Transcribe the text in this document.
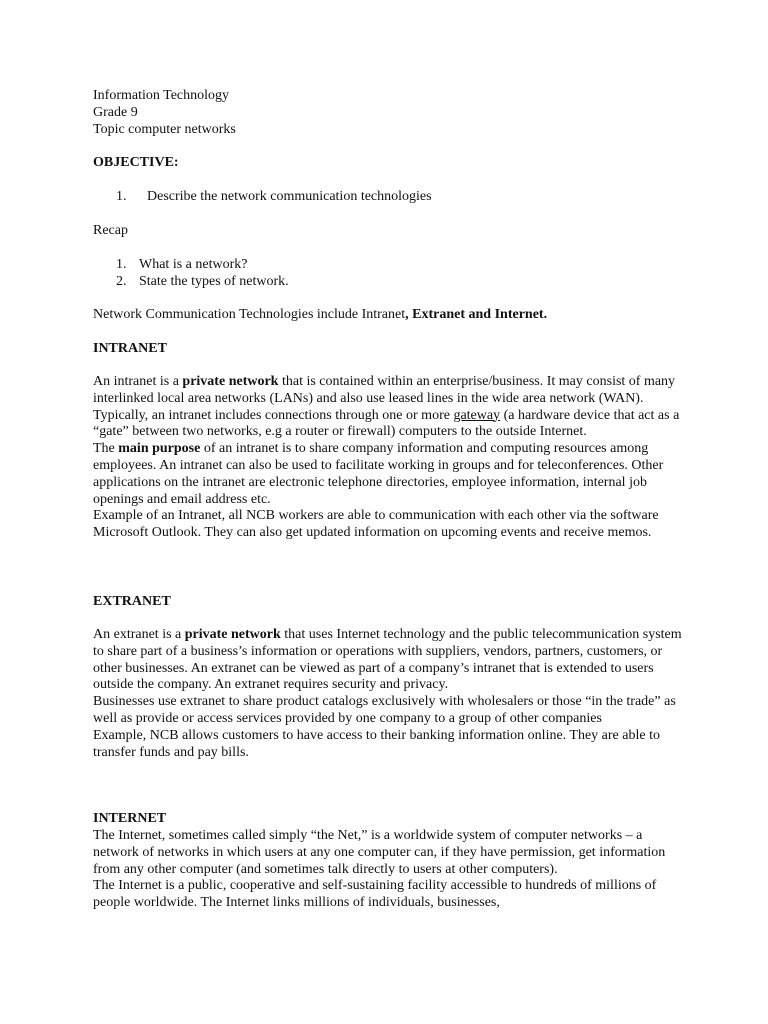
Information Technology
Grade 9
Topic computer networks
OBJECTIVE:
1. Describe the network communication technologies
Recap
1. What is a network?
2. State the types of network.
Network Communication Technologies include Intranet, Extranet and Internet.
INTRANET
An intranet is a private network that is contained within an enterprise/business. It may consist of many interlinked local area networks (LANs) and also use leased lines in the wide area network (WAN). Typically, an intranet includes connections through one or more gateway (a hardware device that act as a “gate” between two networks, e.g a router or firewall) computers to the outside Internet.
The main purpose of an intranet is to share company information and computing resources among employees. An intranet can also be used to facilitate working in groups and for teleconferences. Other applications on the intranet are electronic telephone directories, employee information, internal job openings and email address etc.
Example of an Intranet, all NCB workers are able to communication with each other via the software Microsoft Outlook. They can also get updated information on upcoming events and receive memos.
EXTRANET
An extranet is a private network that uses Internet technology and the public telecommunication system to share part of a business’s information or operations with suppliers, vendors, partners, customers, or other businesses. An extranet can be viewed as part of a company’s intranet that is extended to users outside the company. An extranet requires security and privacy.
Businesses use extranet to share product catalogs exclusively with wholesalers or those “in the trade” as well as provide or access services provided by one company to a group of other companies
Example, NCB allows customers to have access to their banking information online. They are able to transfer funds and pay bills.
INTERNET
The Internet, sometimes called simply “the Net,” is a worldwide system of computer networks – a network of networks in which users at any one computer can, if they have permission, get information from any other computer (and sometimes talk directly to users at other computers).
The Internet is a public, cooperative and self-sustaining facility accessible to hundreds of millions of people worldwide. The Internet links millions of individuals, businesses,
